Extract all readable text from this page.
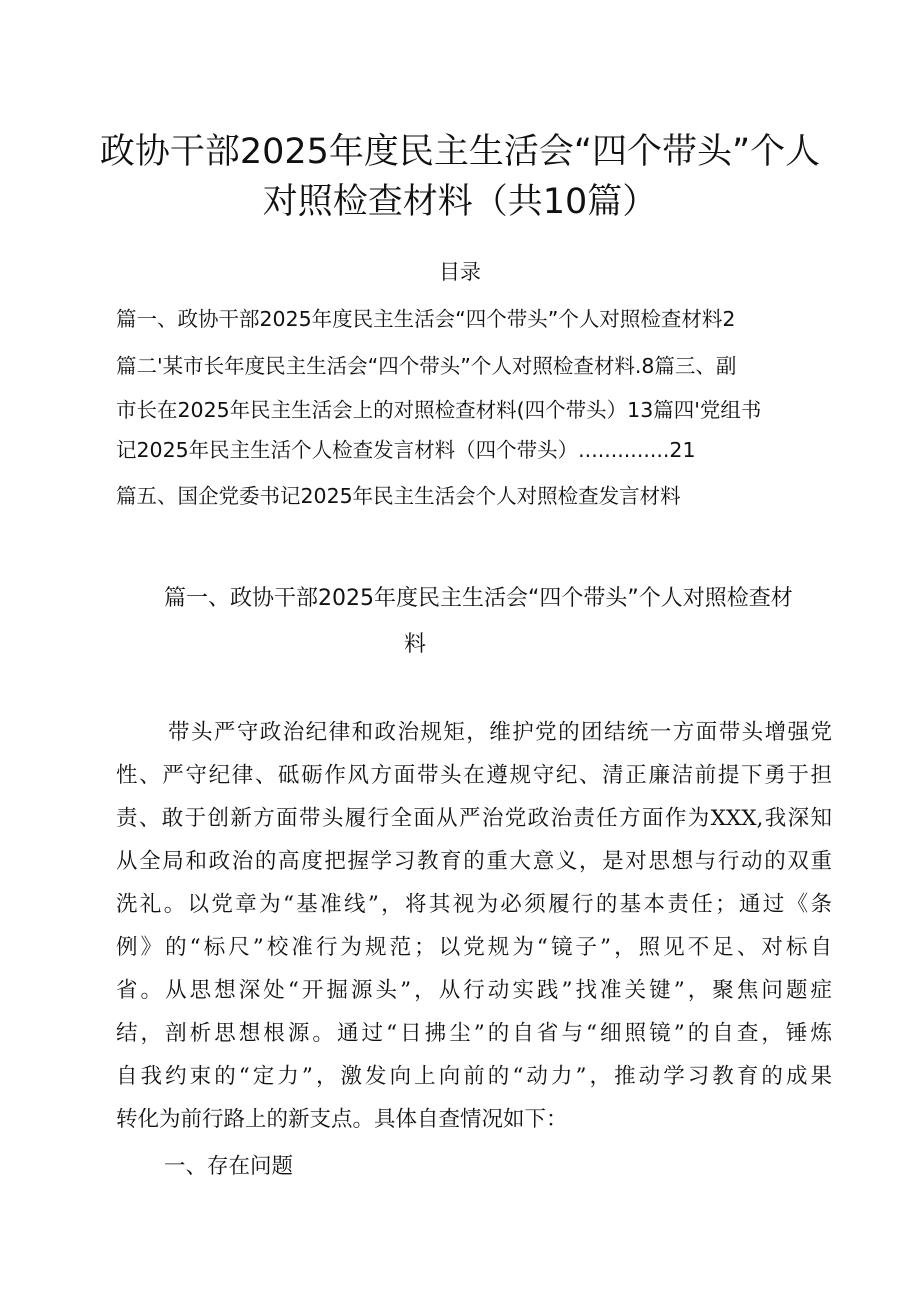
政协干部2025年度民主生活会“四个带头”个人
对照检查材料（共10篇）
目录
篇一、政协干部2025年度民主生活会“四个带头”个人对照检查材料2
篇二'某市长年度民主生活会“四个带头”个人对照检查材料.8篇三、副
市长在2025年民主生活会上的对照检查材料(四个带头）13篇四'党组书
记2025年民主生活个人检查发言材料（四个带头）..............21
篇五、国企党委书记2025年民主生活会个人对照检查发言材料
篇一、政协干部2025年度民主生活会“四个带头”个人对照检查材
料
带头严守政治纪律和政治规矩，维护党的团结统一方面带头增强党
性、严守纪律、砥砺作风方面带头在遵规守纪、清正廉洁前提下勇于担
责、敢于创新方面带头履行全面从严治党政治责任方面作为XXX,我深知
从全局和政治的高度把握学习教育的重大意义，是对思想与行动的双重
洗礼。以党章为“基准线”，将其视为必须履行的基本责任；通过《条
例》的“标尺”校准行为规范；以党规为“镜子”，照见不足、对标自
省。从思想深处“开掘源头”，从行动实践”找准关键”，聚焦问题症
结，剖析思想根源。通过“日拂尘”的自省与“细照镜”的自查，锤炼
自我约束的“定力”，激发向上向前的“动力”，推动学习教育的成果
转化为前行路上的新支点。具体自查情况如下：
一、存在问题
